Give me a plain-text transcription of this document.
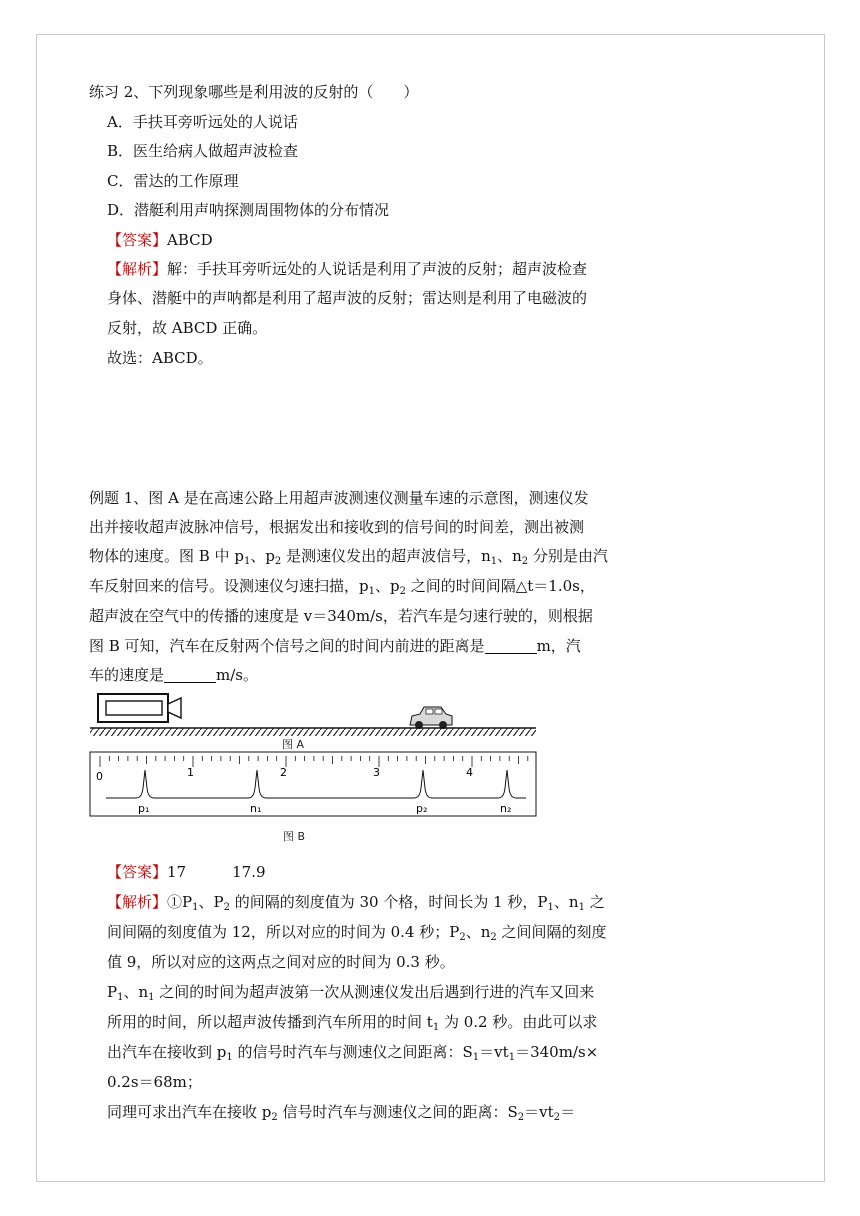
练习 2、下列现象哪些是利用波的反射的（　　）
A．手扶耳旁听远处的人说话
B．医生给病人做超声波检查
C．雷达的工作原理
D．潜艇利用声呐探测周围物体的分布情况
【答案】ABCD
【解析】解：手扶耳旁听远处的人说话是利用了声波的反射；超声波检查
身体、潜艇中的声呐都是利用了超声波的反射；雷达则是利用了电磁波的
反射，故 ABCD 正确。
故选：ABCD。
例题 1、图 A 是在高速公路上用超声波测速仪测量车速的示意图，测速仪发
出并接收超声波脉冲信号，根据发出和接收到的信号间的时间差，测出被测
物体的速度。图 B 中 $p_1$、$p_2$ 是测速仪发出的超声波信号，$n_1$、$n_2$ 分别是由汽
车反射回来的信号。设测速仪匀速扫描，$p_1$、$p_2$ 之间的时间间隔△t＝1.0s，
超声波在空气中的传播的速度是 v＝340m/s，若汽车是匀速行驶的，则根据
图 B 可知，汽车在反射两个信号之间的时间内前进的距离是	m，汽
车的速度是	m/s。
图 A
0	1	2	3	4
p₁	n₁	p₂	n₂
图 B
【答案】17	17.9
【解析】$①P_1$、$P_2$ 的间隔的刻度值为 30 个格，时间长为 1 秒，$P_1$、$n_1$ 之
间间隔的刻度值为 12，所以对应的时间为 0.4 秒；$P_2$、$n_2$ 之间间隔的刻度
值 9，所以对应的这两点之间对应的时间为 0.3 秒。
$P_1$、$n_1$ 之间的时间为超声波第一次从测速仪发出后遇到行进的汽车又回来
所用的时间，所以超声波传播到汽车所用的时间 $t_1$ 为 0.2 秒。由此可以求
出汽车在接收到 $p_1$ 的信号时汽车与测速仪之间距离：$S_1=vt_1=340m/s\times$
0.2s＝68m；
同理可求出汽车在接收 $p_2$ 信号时汽车与测速仪之间的距离：$S_2=vt_2=$
